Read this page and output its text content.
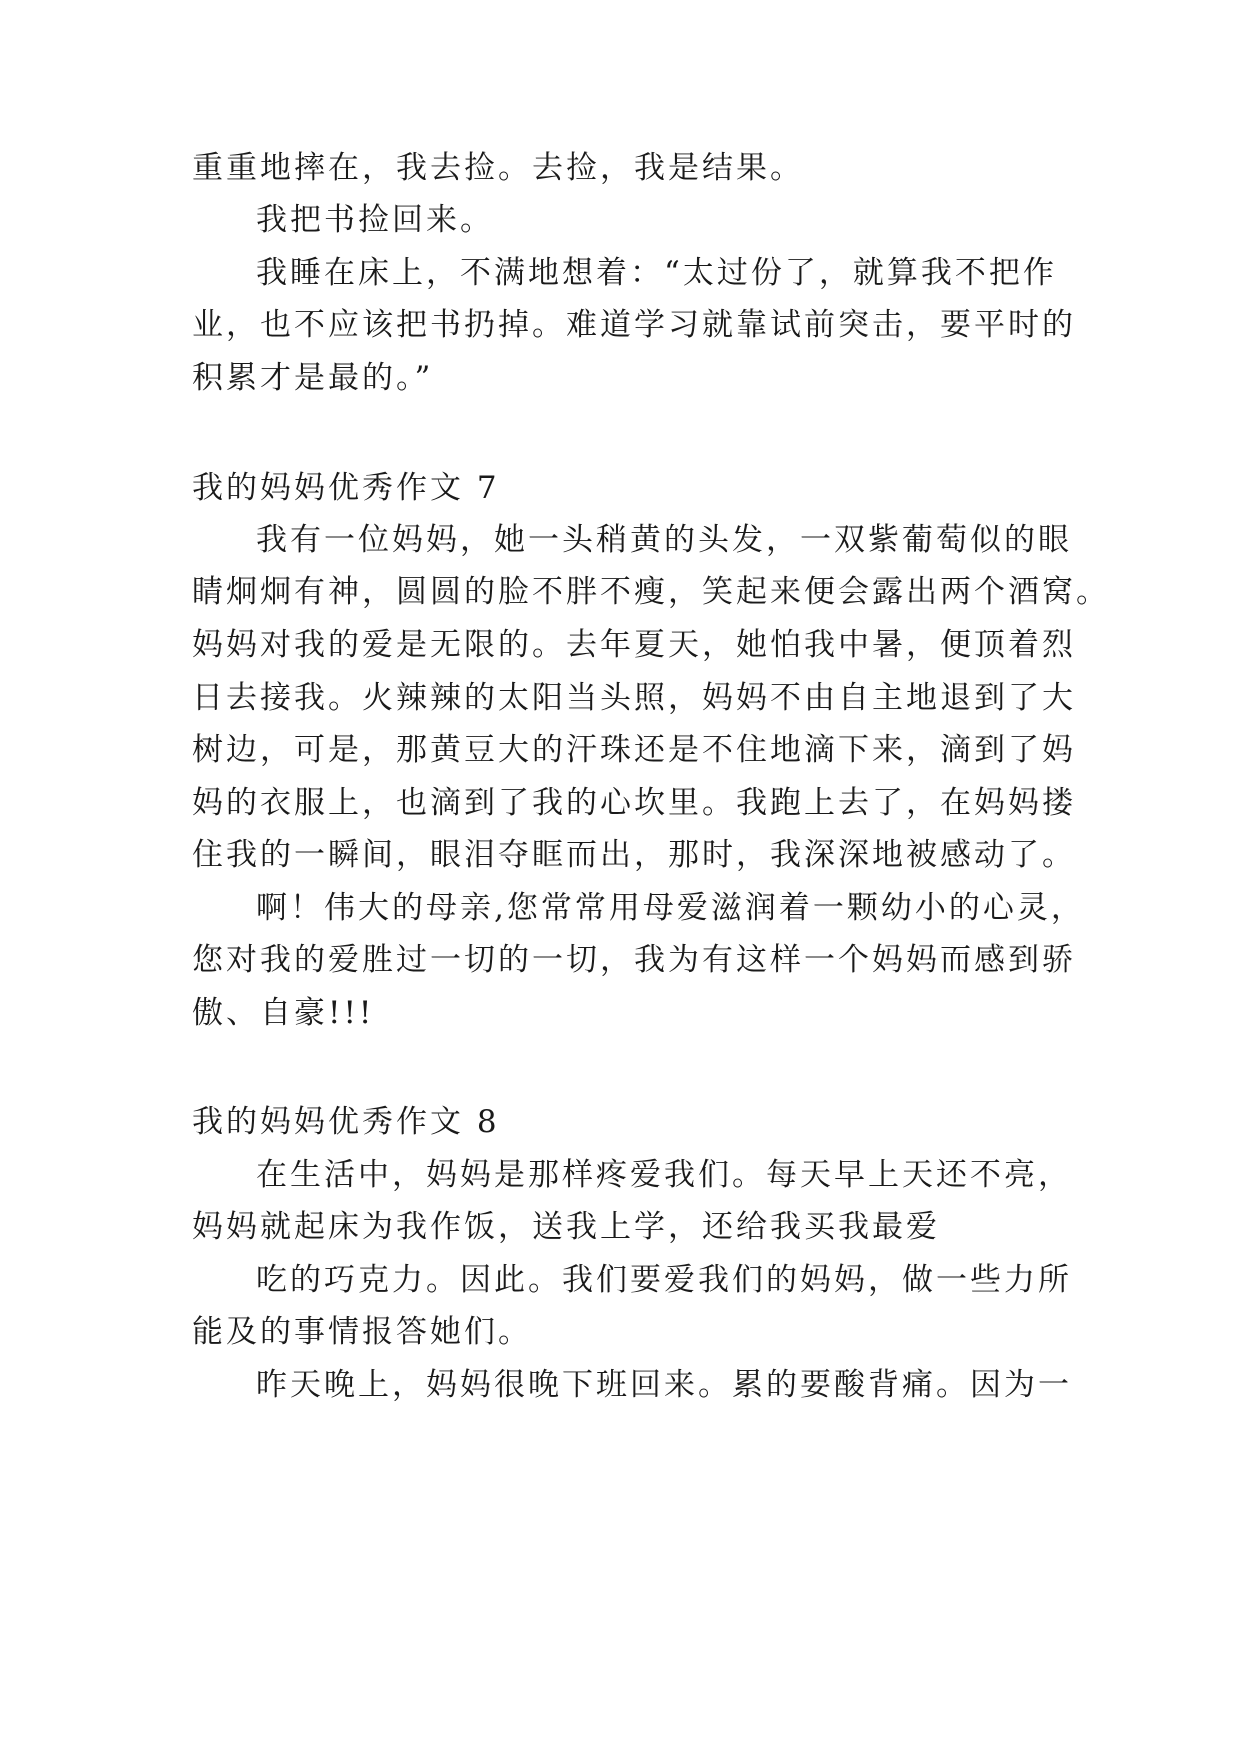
重重地摔在，我去捡。去捡，我是结果。
我把书捡回来。
我睡在床上，不满地想着：“太过份了，就算我不把作
业，也不应该把书扔掉。难道学习就靠试前突击，要平时的
积累才是最的。”
我的妈妈优秀作文 7
我有一位妈妈，她一头稍黄的头发，一双紫葡萄似的眼
睛炯炯有神，圆圆的脸不胖不瘦，笑起来便会露出两个酒窝。
妈妈对我的爱是无限的。去年夏天，她怕我中暑，便顶着烈
日去接我。火辣辣的太阳当头照，妈妈不由自主地退到了大
树边，可是，那黄豆大的汗珠还是不住地滴下来，滴到了妈
妈的衣服上，也滴到了我的心坎里。我跑上去了，在妈妈搂
住我的一瞬间，眼泪夺眶而出，那时，我深深地被感动了。
啊！伟大的母亲,您常常用母爱滋润着一颗幼小的心灵，
您对我的爱胜过一切的一切，我为有这样一个妈妈而感到骄
傲、自豪!!!
我的妈妈优秀作文 8
在生活中，妈妈是那样疼爱我们。每天早上天还不亮，
妈妈就起床为我作饭，送我上学，还给我买我最爱
吃的巧克力。因此。我们要爱我们的妈妈，做一些力所
能及的事情报答她们。
昨天晚上，妈妈很晚下班回来。累的要酸背痛。因为一
